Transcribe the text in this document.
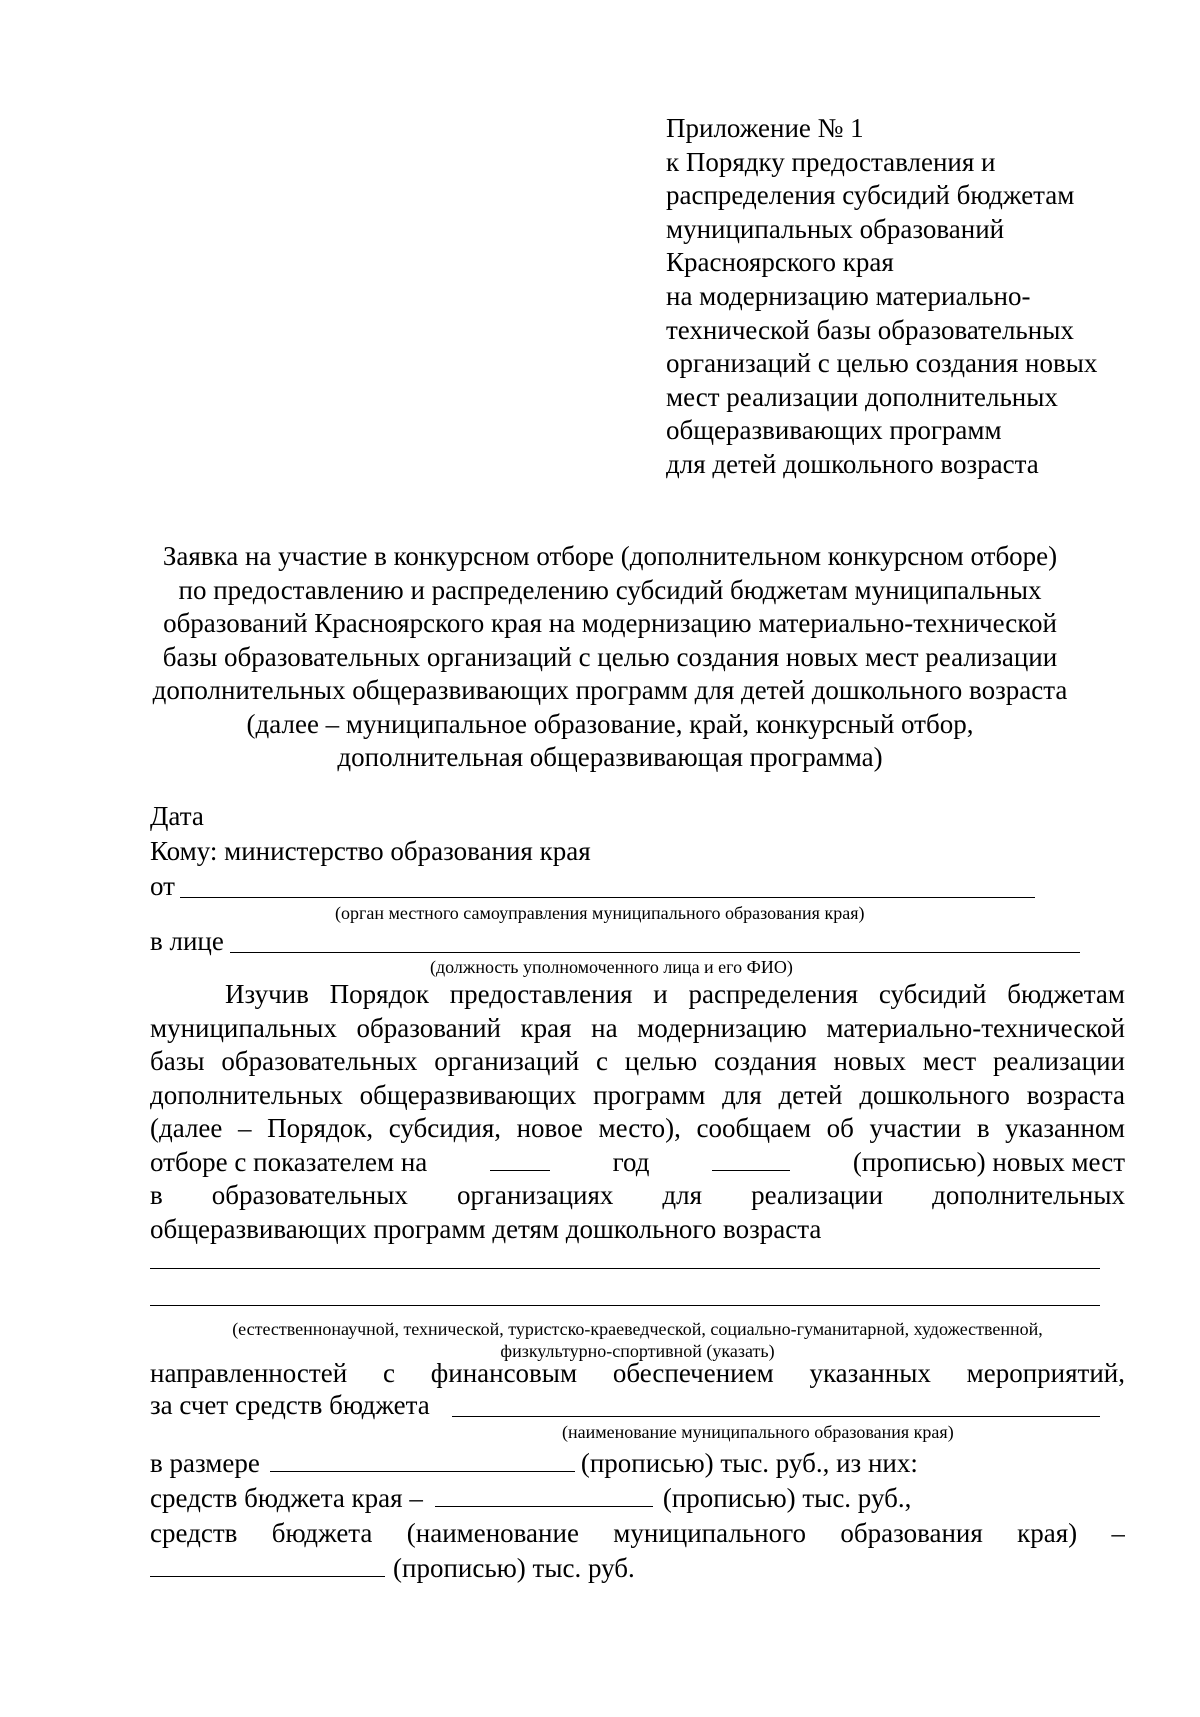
Приложение № 1
к Порядку предоставления и
распределения субсидий бюджетам
муниципальных образований
Красноярского края
на модернизацию материально-
технической базы образовательных
организаций с целью создания новых
мест реализации дополнительных
общеразвивающих программ
для детей дошкольного возраста
Заявка на участие в конкурсном отборе (дополнительном конкурсном отборе)
по предоставлению и распределению субсидий бюджетам муниципальных
образований Красноярского края на модернизацию материально-технической
базы образовательных организаций с целью создания новых мест реализации
дополнительных общеразвивающих программ для детей дошкольного возраста
(далее – муниципальное образование, край, конкурсный отбор,
дополнительная общеразвивающая программа)
Дата
Кому: министерство образования края
от
(орган местного самоуправления муниципального образования края)
в лице
(должность уполномоченного лица и его ФИО)
Изучив Порядок предоставления и распределения субсидий бюджетам
муниципальных образований края на модернизацию материально-технической
базы образовательных организаций с целью создания новых мест реализации
дополнительных общеразвивающих программ для детей дошкольного возраста
(далее – Порядок, субсидия, новое место), сообщаем об участии в указанном
отборе с показателем на	год	(прописью) новых мест
в образовательных организациях для реализации дополнительных
общеразвивающих программ детям дошкольного возраста
(естественнонаучной, технической, туристско-краеведческой, социально-гуманитарной, художественной,
физкультурно-спортивной (указать)
направленностей с финансовым обеспечением указанных мероприятий,
за счет средств бюджета
(наименование муниципального образования края)
в размере	(прописью) тыс. руб., из них:
средств бюджета края –	(прописью) тыс. руб.,
средств бюджета (наименование муниципального образования края) –
(прописью) тыс. руб.
